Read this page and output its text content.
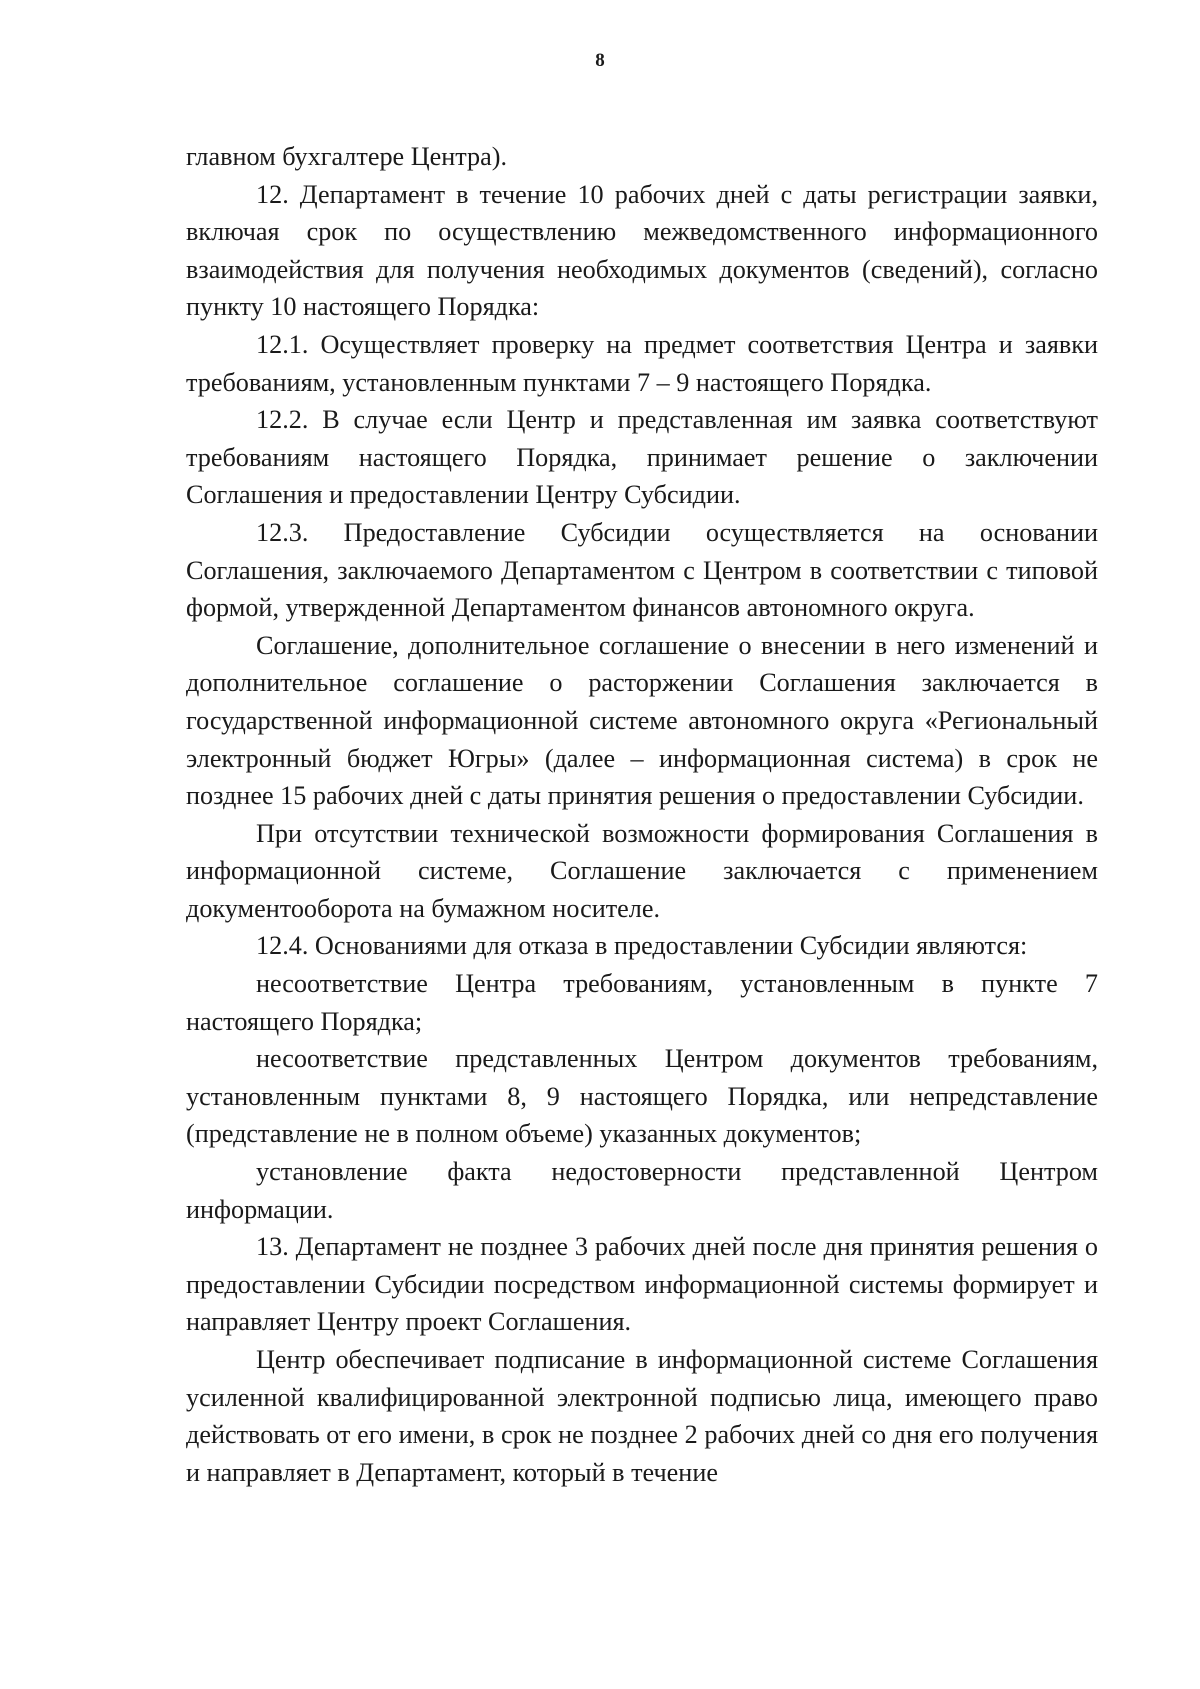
8

главном бухгалтере Центра).

12. Департамент в течение 10 рабочих дней с даты регистрации заявки, включая срок по осуществлению межведомственного информационного взаимодействия для получения необходимых документов (сведений), согласно пункту 10 настоящего Порядка:

12.1. Осуществляет проверку на предмет соответствия Центра и заявки требованиям, установленным пунктами 7 – 9 настоящего Порядка.

12.2. В случае если Центр и представленная им заявка соответствуют требованиям настоящего Порядка, принимает решение о заключении Соглашения и предоставлении Центру Субсидии.

12.3. Предоставление Субсидии осуществляется на основании Соглашения, заключаемого Департаментом с Центром в соответствии с типовой формой, утвержденной Департаментом финансов автономного округа.

Соглашение, дополнительное соглашение о внесении в него изменений и дополнительное соглашение о расторжении Соглашения заключается в государственной информационной системе автономного округа «Региональный электронный бюджет Югры» (далее – информационная система) в срок не позднее 15 рабочих дней с даты принятия решения о предоставлении Субсидии.

При отсутствии технической возможности формирования Соглашения в информационной системе, Соглашение заключается с применением документооборота на бумажном носителе.

12.4. Основаниями для отказа в предоставлении Субсидии являются:

несоответствие Центра требованиям, установленным в пункте 7 настоящего Порядка;

несоответствие представленных Центром документов требованиям, установленным пунктами 8, 9 настоящего Порядка, или непредставление (представление не в полном объеме) указанных документов;

установление факта недостоверности представленной Центром информации.

13. Департамент не позднее 3 рабочих дней после дня принятия решения о предоставлении Субсидии посредством информационной системы формирует и направляет Центру проект Соглашения.

Центр обеспечивает подписание в информационной системе Соглашения усиленной квалифицированной электронной подписью лица, имеющего право действовать от его имени, в срок не позднее 2 рабочих дней со дня его получения и направляет в Департамент, который в течение
